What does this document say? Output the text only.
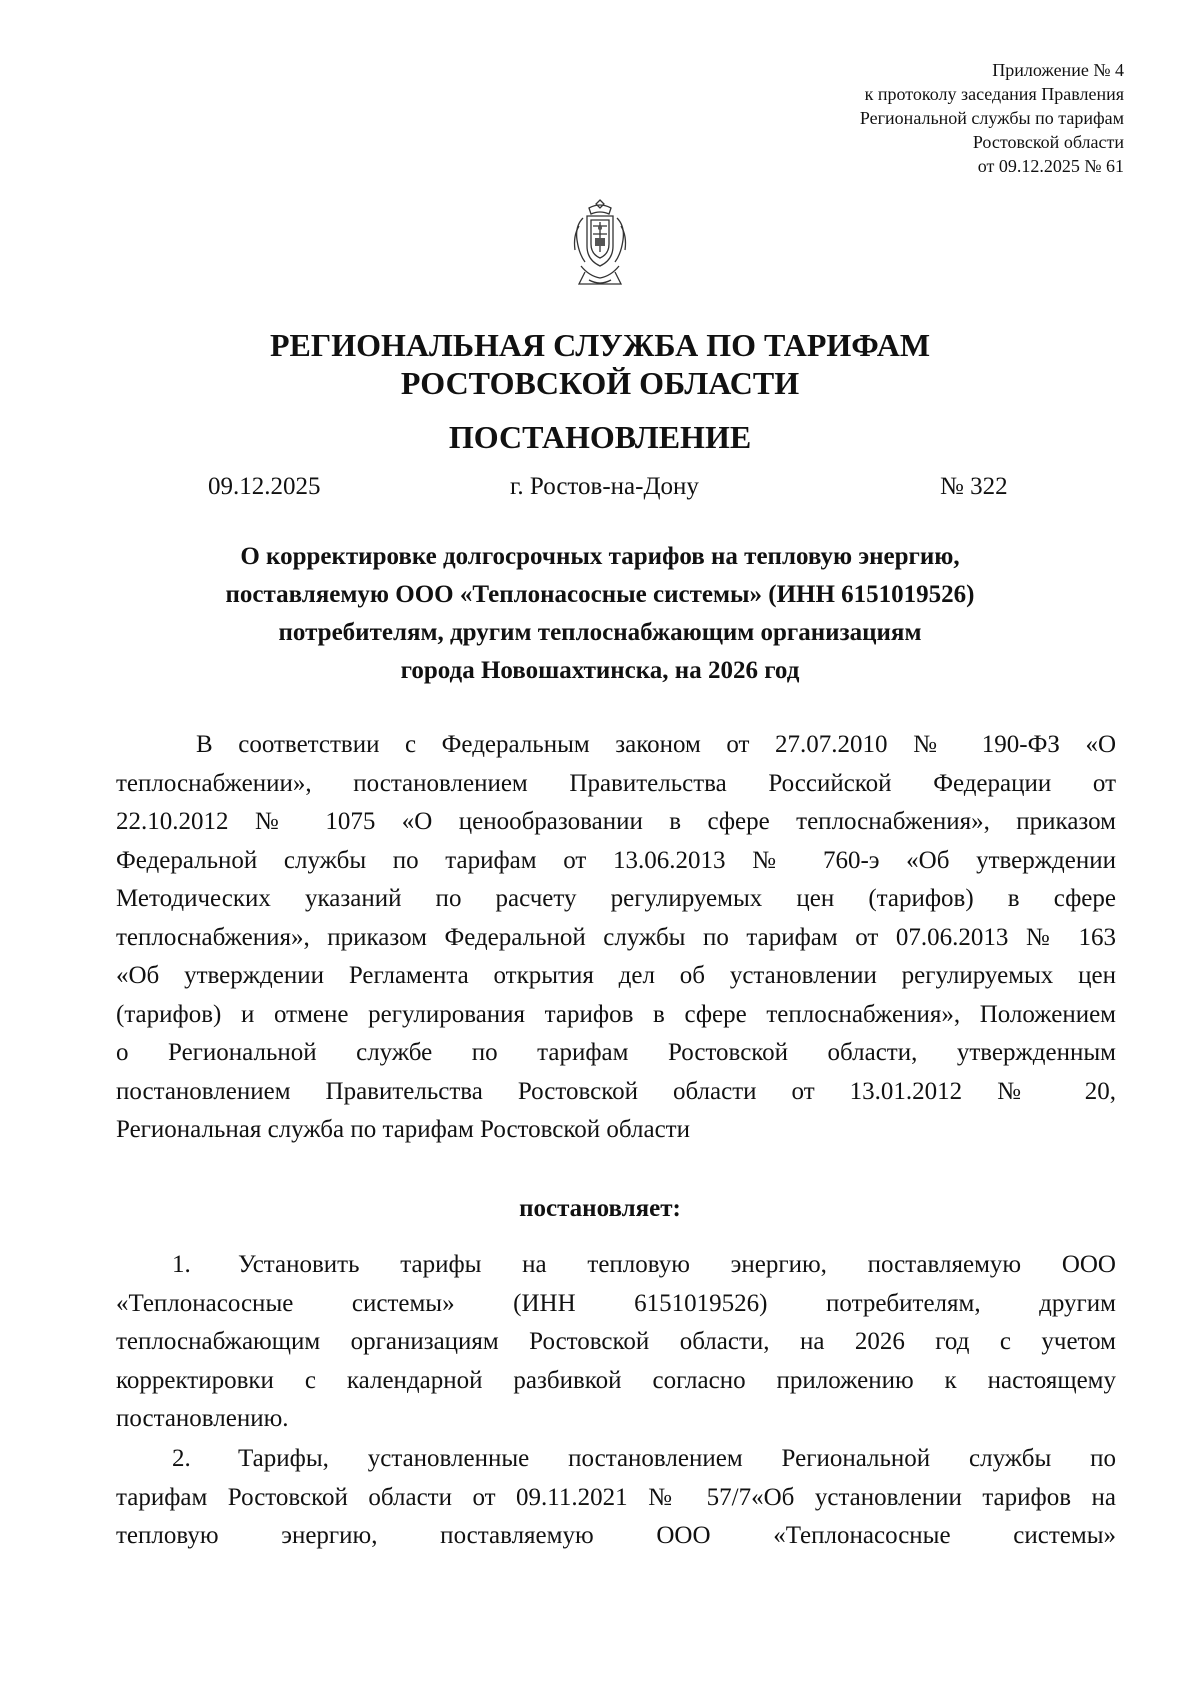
Приложение № 4
к протоколу заседания Правления
Региональной службы по тарифам
Ростовской области
от 09.12.2025 № 61
РЕГИОНАЛЬНАЯ СЛУЖБА ПО ТАРИФАМ
РОСТОВСКОЙ ОБЛАСТИ
ПОСТАНОВЛЕНИЕ
09.12.2025	г. Ростов-на-Дону	№ 322
О корректировке долгосрочных тарифов на тепловую энергию,
поставляемую ООО «Теплонасосные системы» (ИНН 6151019526)
потребителям, другим теплоснабжающим организациям
города Новошахтинска, на 2026 год
В соответствии с Федеральным законом от 27.07.2010 № 190-ФЗ «О
теплоснабжении», постановлением Правительства Российской Федерации от
22.10.2012 № 1075 «О ценообразовании в сфере теплоснабжения», приказом
Федеральной службы по тарифам от 13.06.2013 № 760-э «Об утверждении
Методических указаний по расчету регулируемых цен (тарифов) в сфере
теплоснабжения», приказом Федеральной службы по тарифам от 07.06.2013 № 163
«Об утверждении Регламента открытия дел об установлении регулируемых цен
(тарифов) и отмене регулирования тарифов в сфере теплоснабжения», Положением
о Региональной службе по тарифам Ростовской области, утвержденным
постановлением Правительства Ростовской области от 13.01.2012 № 20,
Региональная служба по тарифам Ростовской области
постановляет:
1. Установить тарифы на тепловую энергию, поставляемую ООО
«Теплонасосные системы» (ИНН 6151019526) потребителям, другим
теплоснабжающим организациям Ростовской области, на 2026 год с учетом
корректировки с календарной разбивкой согласно приложению к настоящему
постановлению.
2. Тарифы, установленные постановлением Региональной службы по
тарифам Ростовской области от 09.11.2021 № 57/7«Об установлении тарифов на
тепловую энергию, поставляемую ООО «Теплонасосные системы»
